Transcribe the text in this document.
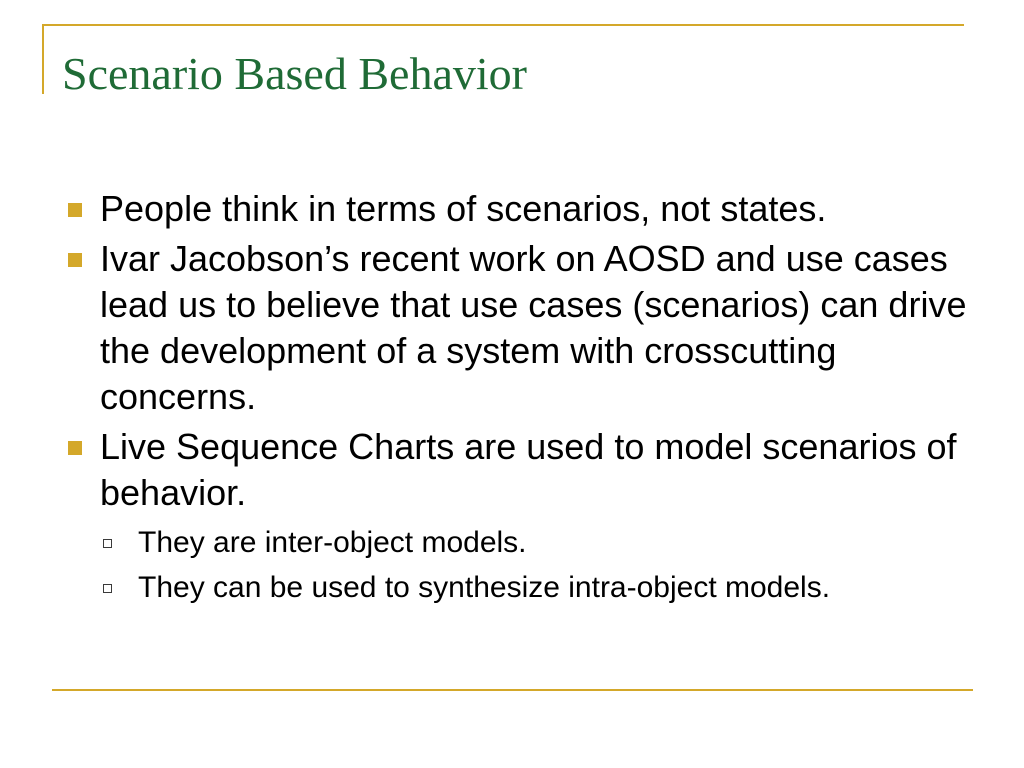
Scenario Based Behavior
People think in terms of scenarios, not states.
Ivar Jacobson’s recent work on AOSD and use cases lead us to believe that use cases (scenarios) can drive the development of a system with crosscutting concerns.
Live Sequence Charts are used to model scenarios of behavior.
They are inter-object models.
They can be used to synthesize intra-object models.
